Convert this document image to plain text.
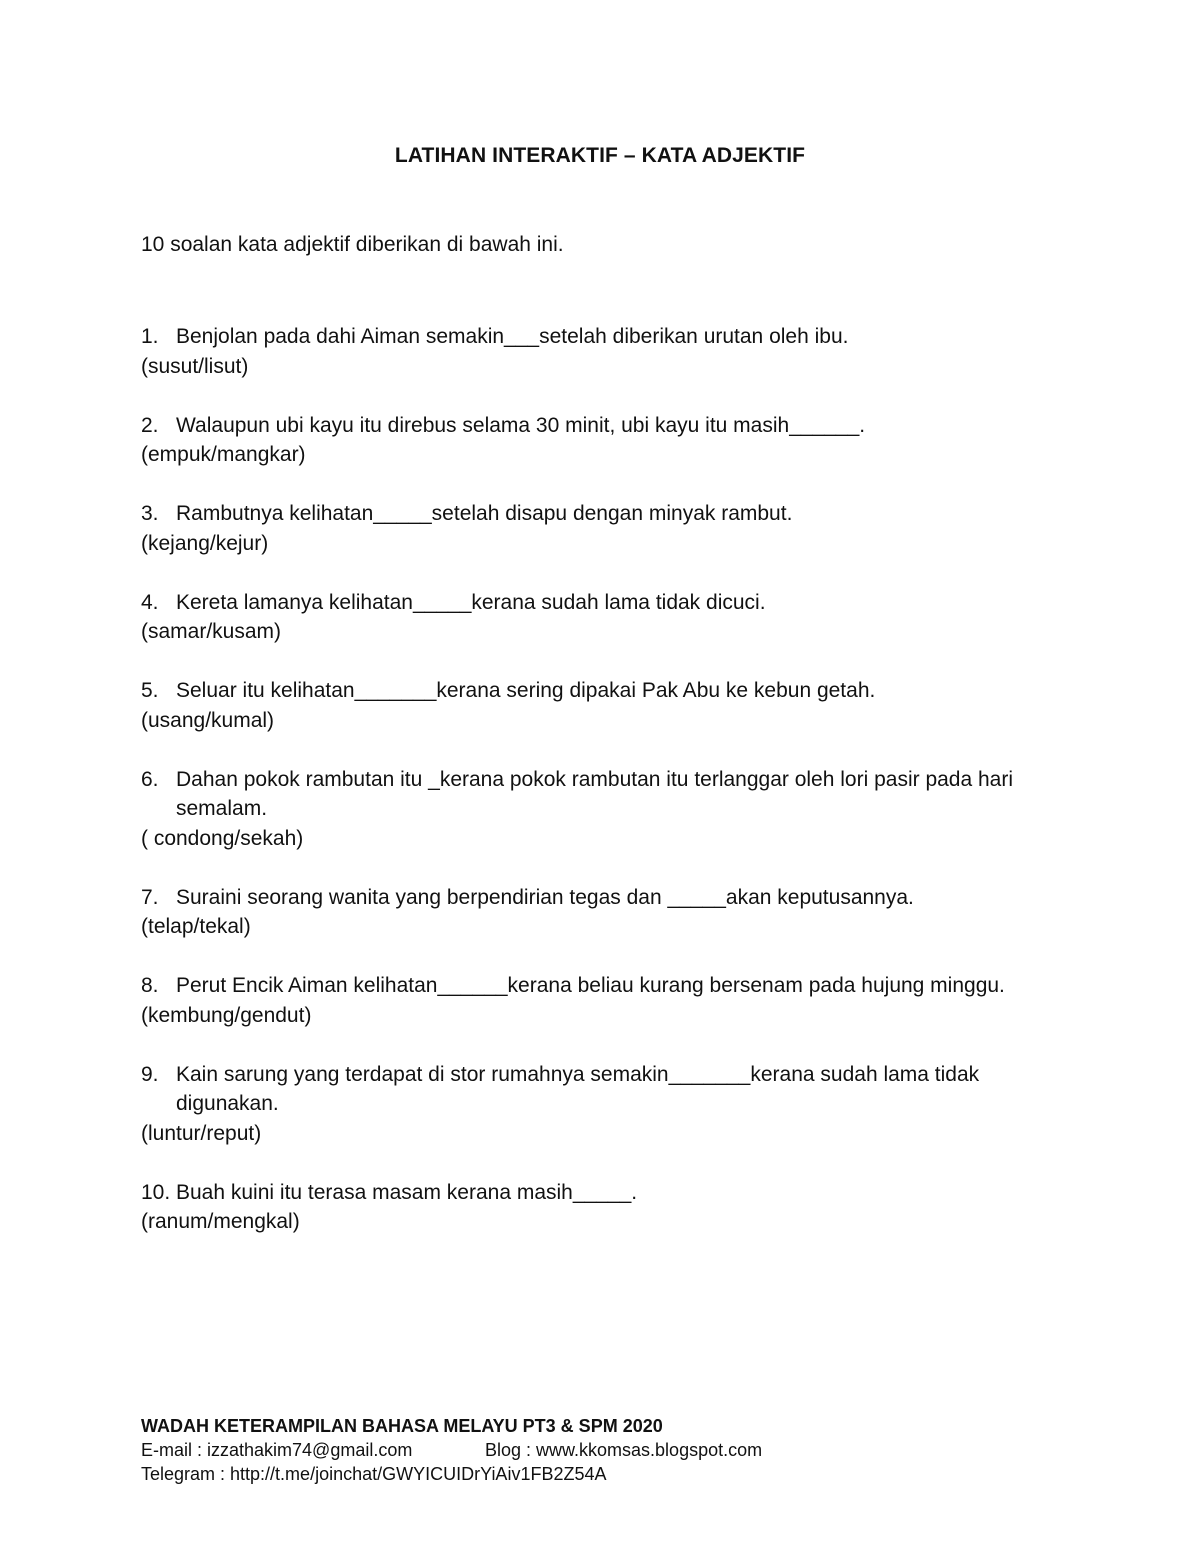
LATIHAN INTERAKTIF – KATA ADJEKTIF
10 soalan kata adjektif diberikan di bawah ini.
1. Benjolan pada dahi Aiman semakin___setelah diberikan urutan oleh ibu.
(susut/lisut)
2. Walaupun ubi kayu itu direbus selama 30 minit, ubi kayu itu masih______.
(empuk/mangkar)
3. Rambutnya kelihatan_____setelah disapu dengan minyak rambut.
(kejang/kejur)
4. Kereta lamanya kelihatan_____kerana sudah lama tidak dicuci.
(samar/kusam)
5. Seluar itu kelihatan_______kerana sering dipakai Pak Abu ke kebun getah.
(usang/kumal)
6. Dahan pokok rambutan itu _kerana pokok rambutan itu terlanggar oleh lori pasir pada hari semalam.
( condong/sekah)
7. Suraini seorang wanita yang berpendirian tegas dan _____akan keputusannya.
(telap/tekal)
8. Perut Encik Aiman kelihatan______kerana beliau kurang bersenam pada hujung minggu.
(kembung/gendut)
9. Kain sarung yang terdapat di stor rumahnya semakin_______kerana sudah lama tidak digunakan.
(luntur/reput)
10. Buah kuini itu terasa masam kerana masih_____.
(ranum/mengkal)
WADAH KETERAMPILAN BAHASA MELAYU PT3 & SPM 2020
E-mail : izzathakim74@gmail.com	Blog : www.kkomsas.blogspot.com
Telegram : http://t.me/joinchat/GWYICUIDrYiAiv1FB2Z54A
